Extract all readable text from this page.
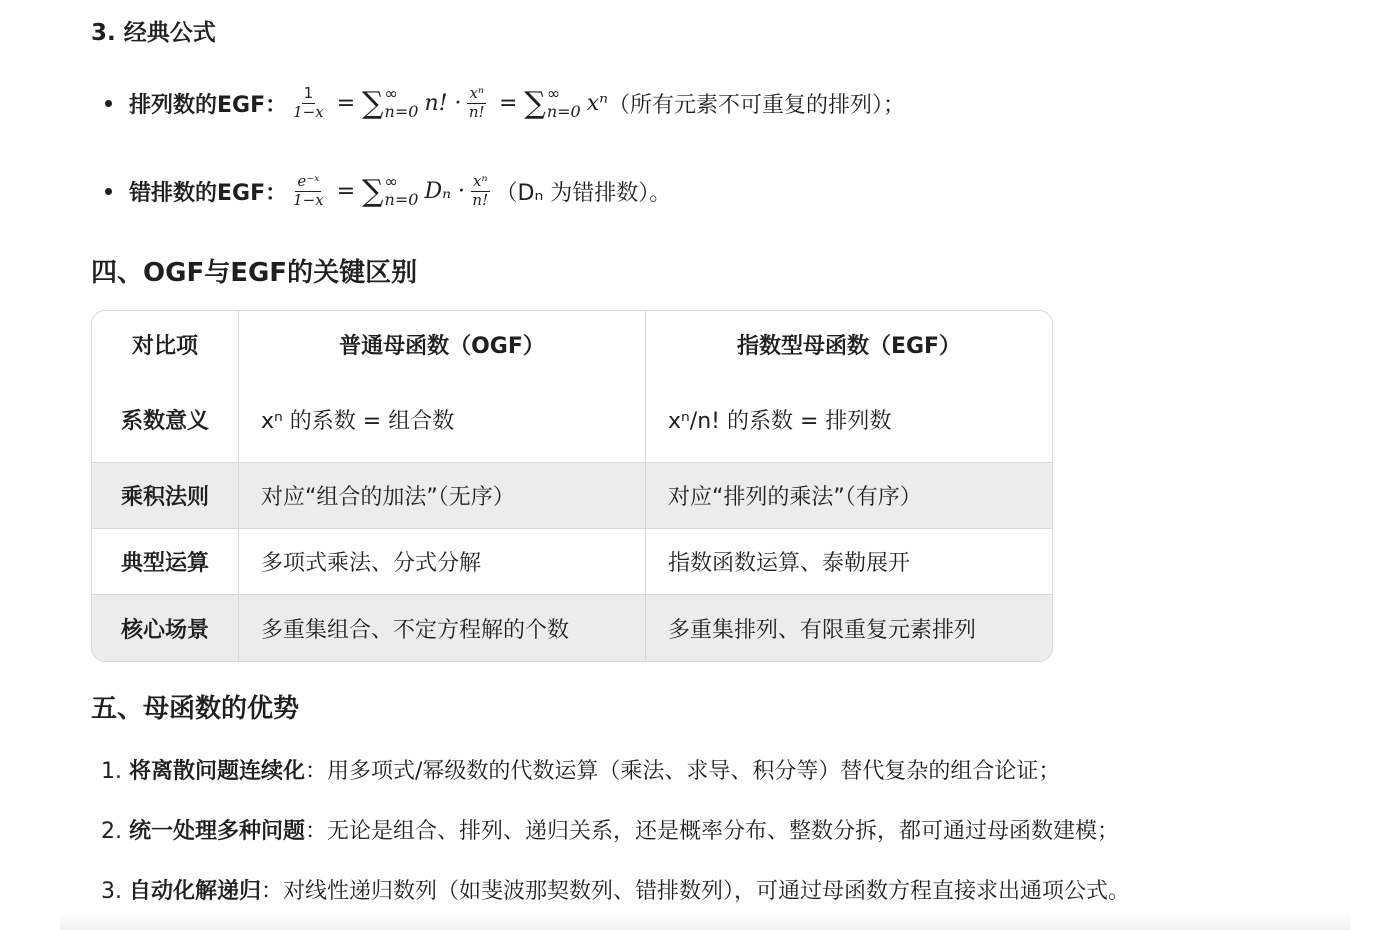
3. 经典公式
排列数的EGF： $\frac{1}{1-x}$ = ∑ ∞
n=0 n! · $\frac{\text{xⁿ}}{n!}$ = ∑ ∞
n=0 xⁿ （所有元素不可重复的排列）；
错排数的EGF： $\frac{\text{e⁻ˣ}}{1-x}$ = ∑ ∞
n=0 $D_n \cdot \frac{\text{xⁿ}}{n!} (D_n$ 为错排数）。
四、OGF与EGF的关键区别
对比项	普通母函数（OGF）	指数型母函数（EGF）
系数意义	xⁿ 的系数 = 组合数	xⁿ/n! 的系数 = 排列数
乘积法则	对应“组合的加法”（无序）	对应“排列的乘法”（有序）
典型运算	多项式乘法、分式分解	指数函数运算、泰勒展开
核心场景	多重集组合、不定方程解的个数	多重集排列、有限重复元素排列
五、母函数的优势
1. 将离散问题连续化：用多项式/幂级数的代数运算（乘法、求导、积分等）替代复杂的组合论证；
2. 统一处理多种问题：无论是组合、排列、递归关系，还是概率分布、整数分拆，都可通过母函数建模；
3. 自动化解递归：对线性递归数列（如斐波那契数列、错排数列），可通过母函数方程直接求出通项公式。
